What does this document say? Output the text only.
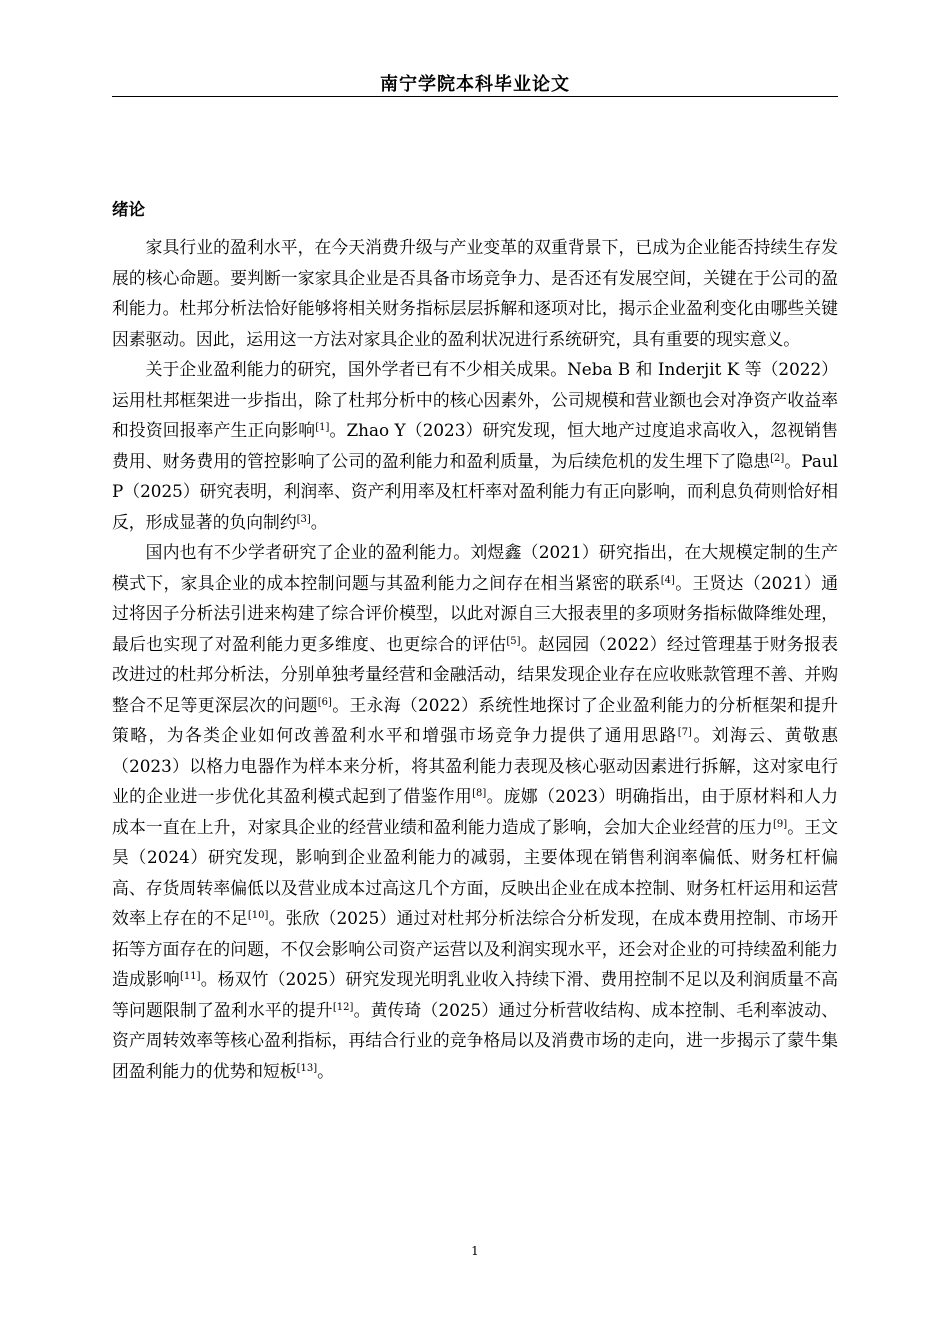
南宁学院本科毕业论文
绪论

家具行业的盈利水平，在今天消费升级与产业变革的双重背景下，已成为企业能否持续生存发展的核心命题。要判断一家家具企业是否具备市场竞争力、是否还有发展空间，关键在于公司的盈利能力。杜邦分析法恰好能够将相关财务指标层层拆解和逐项对比，揭示企业盈利变化由哪些关键因素驱动。因此，运用这一方法对家具企业的盈利状况进行系统研究，具有重要的现实意义。

关于企业盈利能力的研究，国外学者已有不少相关成果。Neba B 和 Inderjit K 等（2022）运用杜邦框架进一步指出，除了杜邦分析中的核心因素外，公司规模和营业额也会对净资产收益率和投资回报率产生正向影响[1]。Zhao Y（2023）研究发现，恒大地产过度追求高收入，忽视销售费用、财务费用的管控影响了公司的盈利能力和盈利质量，为后续危机的发生埋下了隐患[2]。Paul P（2025）研究表明，利润率、资产利用率及杠杆率对盈利能力有正向影响，而利息负荷则恰好相反，形成显著的负向制约[3]。

国内也有不少学者研究了企业的盈利能力。刘煜鑫（2021）研究指出，在大规模定制的生产模式下，家具企业的成本控制问题与其盈利能力之间存在相当紧密的联系[4]。王贤达（2021）通过将因子分析法引进来构建了综合评价模型，以此对源自三大报表里的多项财务指标做降维处理，最后也实现了对盈利能力更多维度、也更综合的评估[5]。赵园园（2022）经过管理基于财务报表改进过的杜邦分析法，分别单独考量经营和金融活动，结果发现企业存在应收账款管理不善、并购整合不足等更深层次的问题[6]。王永海（2022）系统性地探讨了企业盈利能力的分析框架和提升策略，为各类企业如何改善盈利水平和增强市场竞争力提供了通用思路[7]。刘海云、黄敬惠（2023）以格力电器作为样本来分析，将其盈利能力表现及核心驱动因素进行拆解，这对家电行业的企业进一步优化其盈利模式起到了借鉴作用[8]。庞娜（2023）明确指出，由于原材料和人力成本一直在上升，对家具企业的经营业绩和盈利能力造成了影响，会加大企业经营的压力[9]。王文昊（2024）研究发现，影响到企业盈利能力的减弱，主要体现在销售利润率偏低、财务杠杆偏高、存货周转率偏低以及营业成本过高这几个方面，反映出企业在成本控制、财务杠杆运用和运营效率上存在的不足[10]。张欣（2025）通过对杜邦分析法综合分析发现，在成本费用控制、市场开拓等方面存在的问题，不仅会影响公司资产运营以及利润实现水平，还会对企业的可持续盈利能力造成影响[11]。杨双竹（2025）研究发现光明乳业收入持续下滑、费用控制不足以及利润质量不高等问题限制了盈利水平的提升[12]。黄传琦（2025）通过分析营收结构、成本控制、毛利率波动、资产周转效率等核心盈利指标，再结合行业的竞争格局以及消费市场的走向，进一步揭示了蒙牛集团盈利能力的优势和短板[13]。

1
